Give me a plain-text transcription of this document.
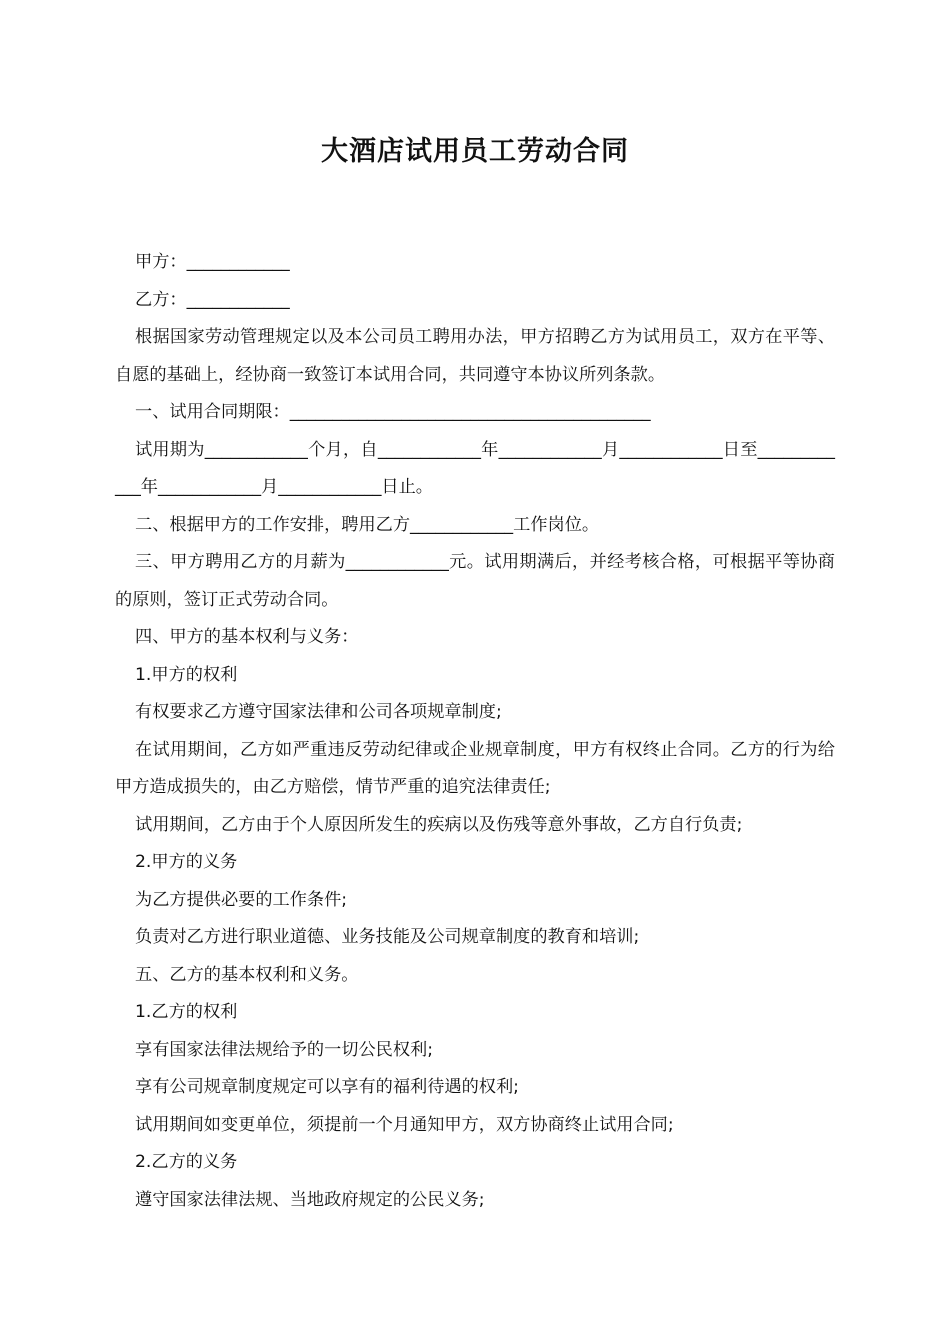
大酒店试用员工劳动合同

甲方：____________

乙方：____________

根据国家劳动管理规定以及本公司员工聘用办法，甲方招聘乙方为试用员工，双方在平等、自愿的基础上，经协商一致签订本试用合同，共同遵守本协议所列条款。

一、试用合同期限：__________________________________________

试用期为____________个月，自____________年____________月____________日至____________年____________月____________日止。

二、根据甲方的工作安排，聘用乙方____________工作岗位。

三、甲方聘用乙方的月薪为____________元。试用期满后，并经考核合格，可根据平等协商的原则，签订正式劳动合同。

四、甲方的基本权利与义务：

1.甲方的权利

有权要求乙方遵守国家法律和公司各项规章制度;

在试用期间，乙方如严重违反劳动纪律或企业规章制度，甲方有权终止合同。乙方的行为给甲方造成损失的，由乙方赔偿，情节严重的追究法律责任;

试用期间，乙方由于个人原因所发生的疾病以及伤残等意外事故，乙方自行负责;

2.甲方的义务

为乙方提供必要的工作条件;

负责对乙方进行职业道德、业务技能及公司规章制度的教育和培训;

五、乙方的基本权利和义务。

1.乙方的权利

享有国家法律法规给予的一切公民权利;

享有公司规章制度规定可以享有的福利待遇的权利;

试用期间如变更单位，须提前一个月通知甲方，双方协商终止试用合同;

2.乙方的义务

遵守国家法律法规、当地政府规定的公民义务;
